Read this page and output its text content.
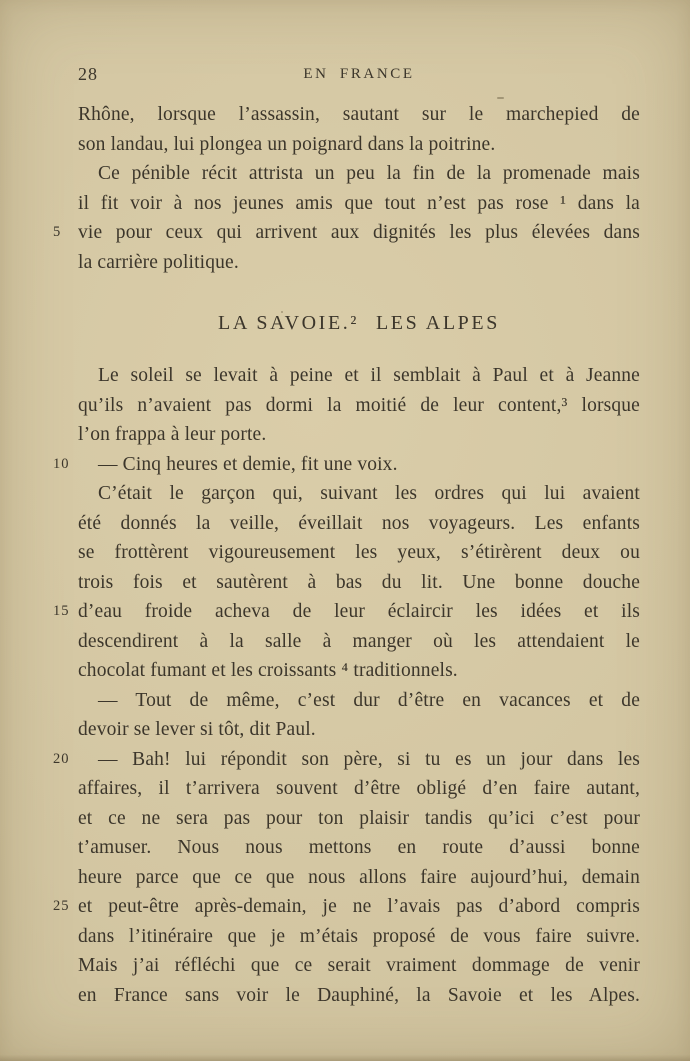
28	EN FRANCE
Rhône, lorsque l’assassin, sautant sur le marchepied de
son landau, lui plongea un poignard dans la poitrine.
Ce pénible récit attrista un peu la fin de la promenade mais
il fit voir à nos jeunes amis que tout n’est pas rose ¹ dans la
5 vie pour ceux qui arrivent aux dignités les plus élevées dans
la carrière politique.
LA SAVOIE.² LES ALPES
Le soleil se levait à peine et il semblait à Paul et à Jeanne
qu’ils n’avaient pas dormi la moitié de leur content,³ lorsque
l’on frappa à leur porte.
10 — Cinq heures et demie, fit une voix.
C’était le garçon qui, suivant les ordres qui lui avaient
été donnés la veille, éveillait nos voyageurs. Les enfants
se frottèrent vigoureusement les yeux, s’étirèrent deux ou
trois fois et sautèrent à bas du lit. Une bonne douche
15 d’eau froide acheva de leur éclaircir les idées et ils
descendirent à la salle à manger où les attendaient le
chocolat fumant et les croissants ⁴ traditionnels.
— Tout de même, c’est dur d’être en vacances et de
devoir se lever si tôt, dit Paul.
20 — Bah! lui répondit son père, si tu es un jour dans les
affaires, il t’arrivera souvent d’être obligé d’en faire autant,
et ce ne sera pas pour ton plaisir tandis qu’ici c’est pour
t’amuser. Nous nous mettons en route d’aussi bonne
heure parce que ce que nous allons faire aujourd’hui, demain
25 et peut-être après-demain, je ne l’avais pas d’abord compris
dans l’itinéraire que je m’étais proposé de vous faire suivre.
Mais j’ai réfléchi que ce serait vraiment dommage de venir
en France sans voir le Dauphiné, la Savoie et les Alpes.
